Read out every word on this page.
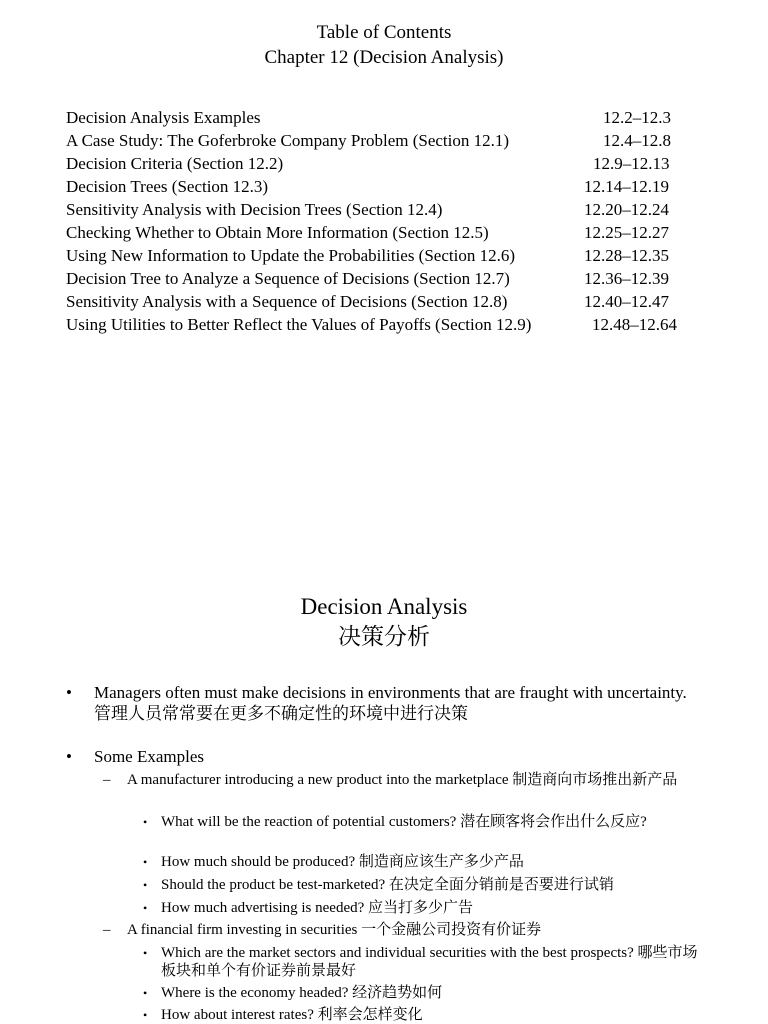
Table of Contents
Chapter 12 (Decision Analysis)
Decision Analysis Examples	12.2–12.3
A Case Study: The Goferbroke Company Problem (Section 12.1)	12.4–12.8
Decision Criteria (Section 12.2)	12.9–12.13
Decision Trees (Section 12.3)	12.14–12.19
Sensitivity Analysis with Decision Trees (Section 12.4)	12.20–12.24
Checking Whether to Obtain More Information (Section 12.5)	12.25–12.27
Using New Information to Update the Probabilities (Section 12.6)	12.28–12.35
Decision Tree to Analyze a Sequence of Decisions (Section 12.7)	12.36–12.39
Sensitivity Analysis with a Sequence of Decisions (Section 12.8)	12.40–12.47
Using Utilities to Better Reflect the Values of Payoffs (Section 12.9)	12.48–12.64
Decision Analysis
决策分析
• Managers often must make decisions in environments that are fraught with uncertainty. 管理人员常常要在更多不确定性的环境中进行决策
• Some Examples
– A manufacturer introducing a new product into the marketplace 制造商向市场推出新产品
• What will be the reaction of potential customers? 潜在顾客将会作出什么反应?
• How much should be produced? 制造商应该生产多少产品
• Should the product be test-marketed? 在决定全面分销前是否要进行试销
• How much advertising is needed? 应当打多少广告
– A financial firm investing in securities 一个金融公司投资有价证券
• Which are the market sectors and individual securities with the best prospects? 哪些市场板块和单个有价证券前景最好
• Where is the economy headed? 经济趋势如何
• How about interest rates? 利率会怎样变化
